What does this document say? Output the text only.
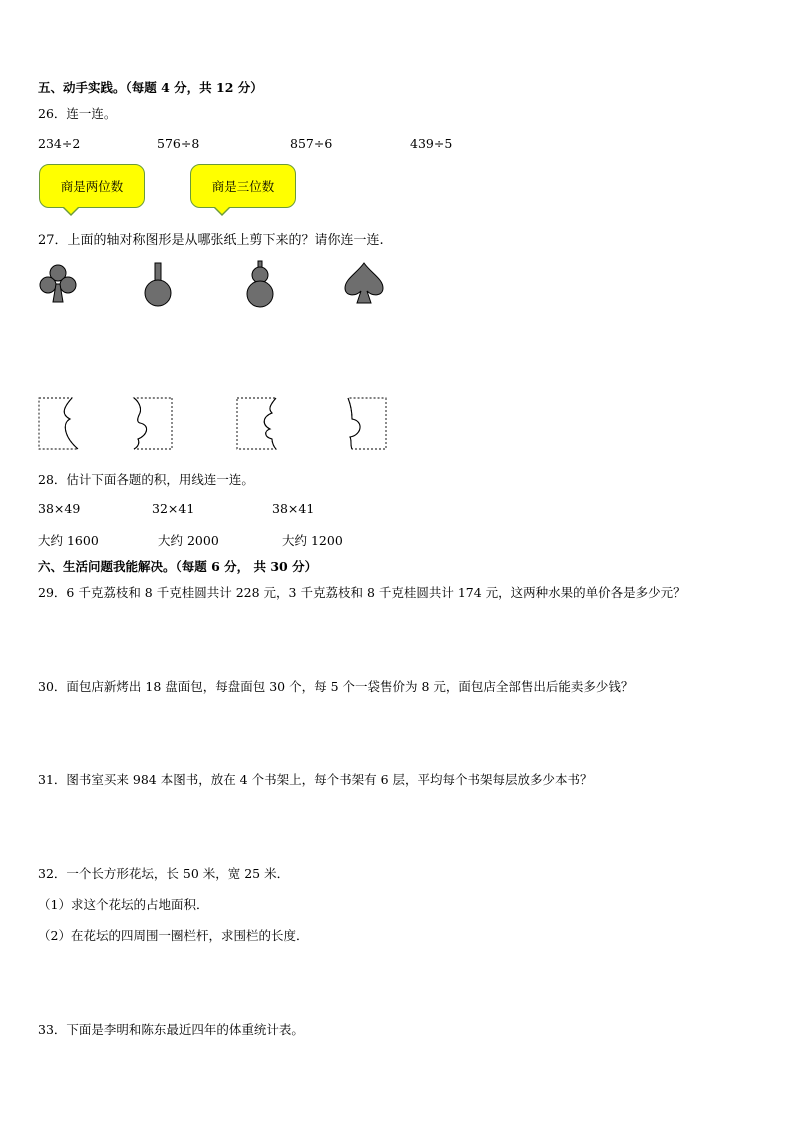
五、动手实践。（每题 4 分，共 12 分）
26．连一连。
234÷2	576÷8	857÷6	439÷5
商是两位数	商是三位数
27．上面的轴对称图形是从哪张纸上剪下来的？请你连一连.
28．估计下面各题的积，用线连一连。
38×49	32×41	38×41
大约 1600	大约 2000	大约 1200
六、生活问题我能解决。（每题 6 分， 共 30 分）
29．6 千克荔枝和 8 千克桂圆共计 228 元，3 千克荔枝和 8 千克桂圆共计 174 元，这两种水果的单价各是多少元？
30．面包店新烤出 18 盘面包，每盘面包 30 个，每 5 个一袋售价为 8 元，面包店全部售出后能卖多少钱？
31．图书室买来 984 本图书，放在 4 个书架上，每个书架有 6 层，平均每个书架每层放多少本书？
32．一个长方形花坛，长 50 米，宽 25 米．
（1）求这个花坛的占地面积．
（2）在花坛的四周围一圈栏杆，求围栏的长度．
33．下面是李明和陈东最近四年的体重统计表。
